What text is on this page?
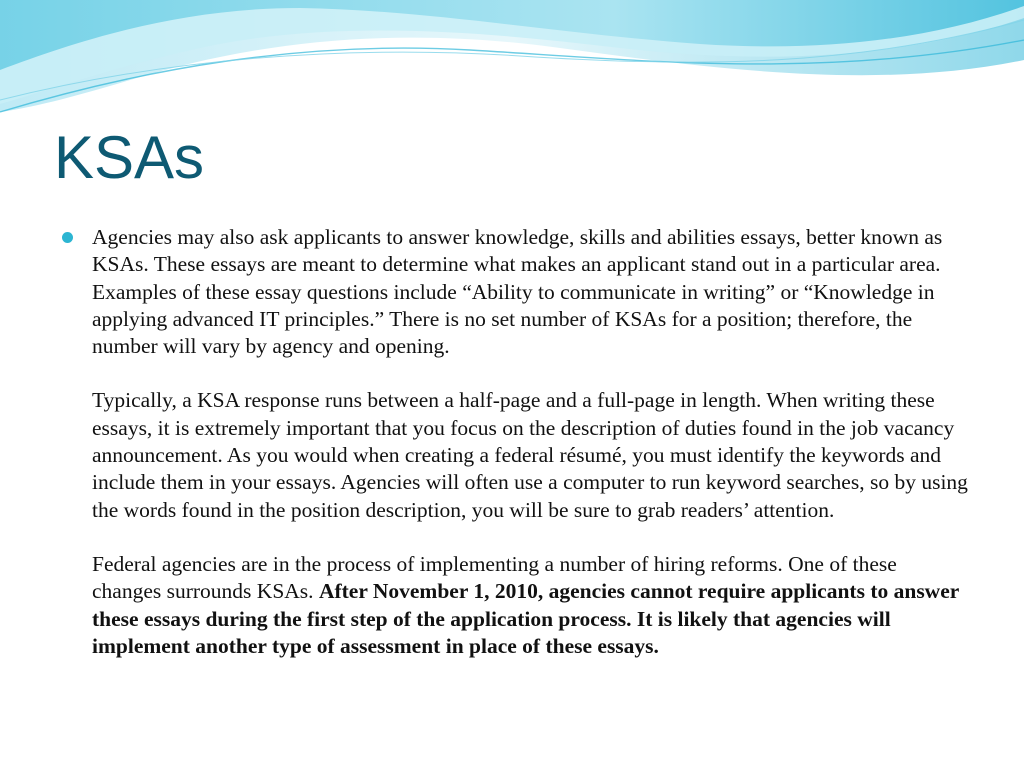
KSAs

Agencies may also ask applicants to answer knowledge, skills and abilities essays, better known as KSAs. These essays are meant to determine what makes an applicant stand out in a particular area. Examples of these essay questions include “Ability to communicate in writing” or “Knowledge in applying advanced IT principles.” There is no set number of KSAs for a position; therefore, the number will vary by agency and opening.

Typically, a KSA response runs between a half-page and a full-page in length. When writing these essays, it is extremely important that you focus on the description of duties found in the job vacancy announcement. As you would when creating a federal résumé, you must identify the keywords and include them in your essays. Agencies will often use a computer to run keyword searches, so by using the words found in the position description, you will be sure to grab readers’ attention.

Federal agencies are in the process of implementing a number of hiring reforms. One of these changes surrounds KSAs. After November 1, 2010, agencies cannot require applicants to answer these essays during the first step of the application process. It is likely that agencies will implement another type of assessment in place of these essays.
